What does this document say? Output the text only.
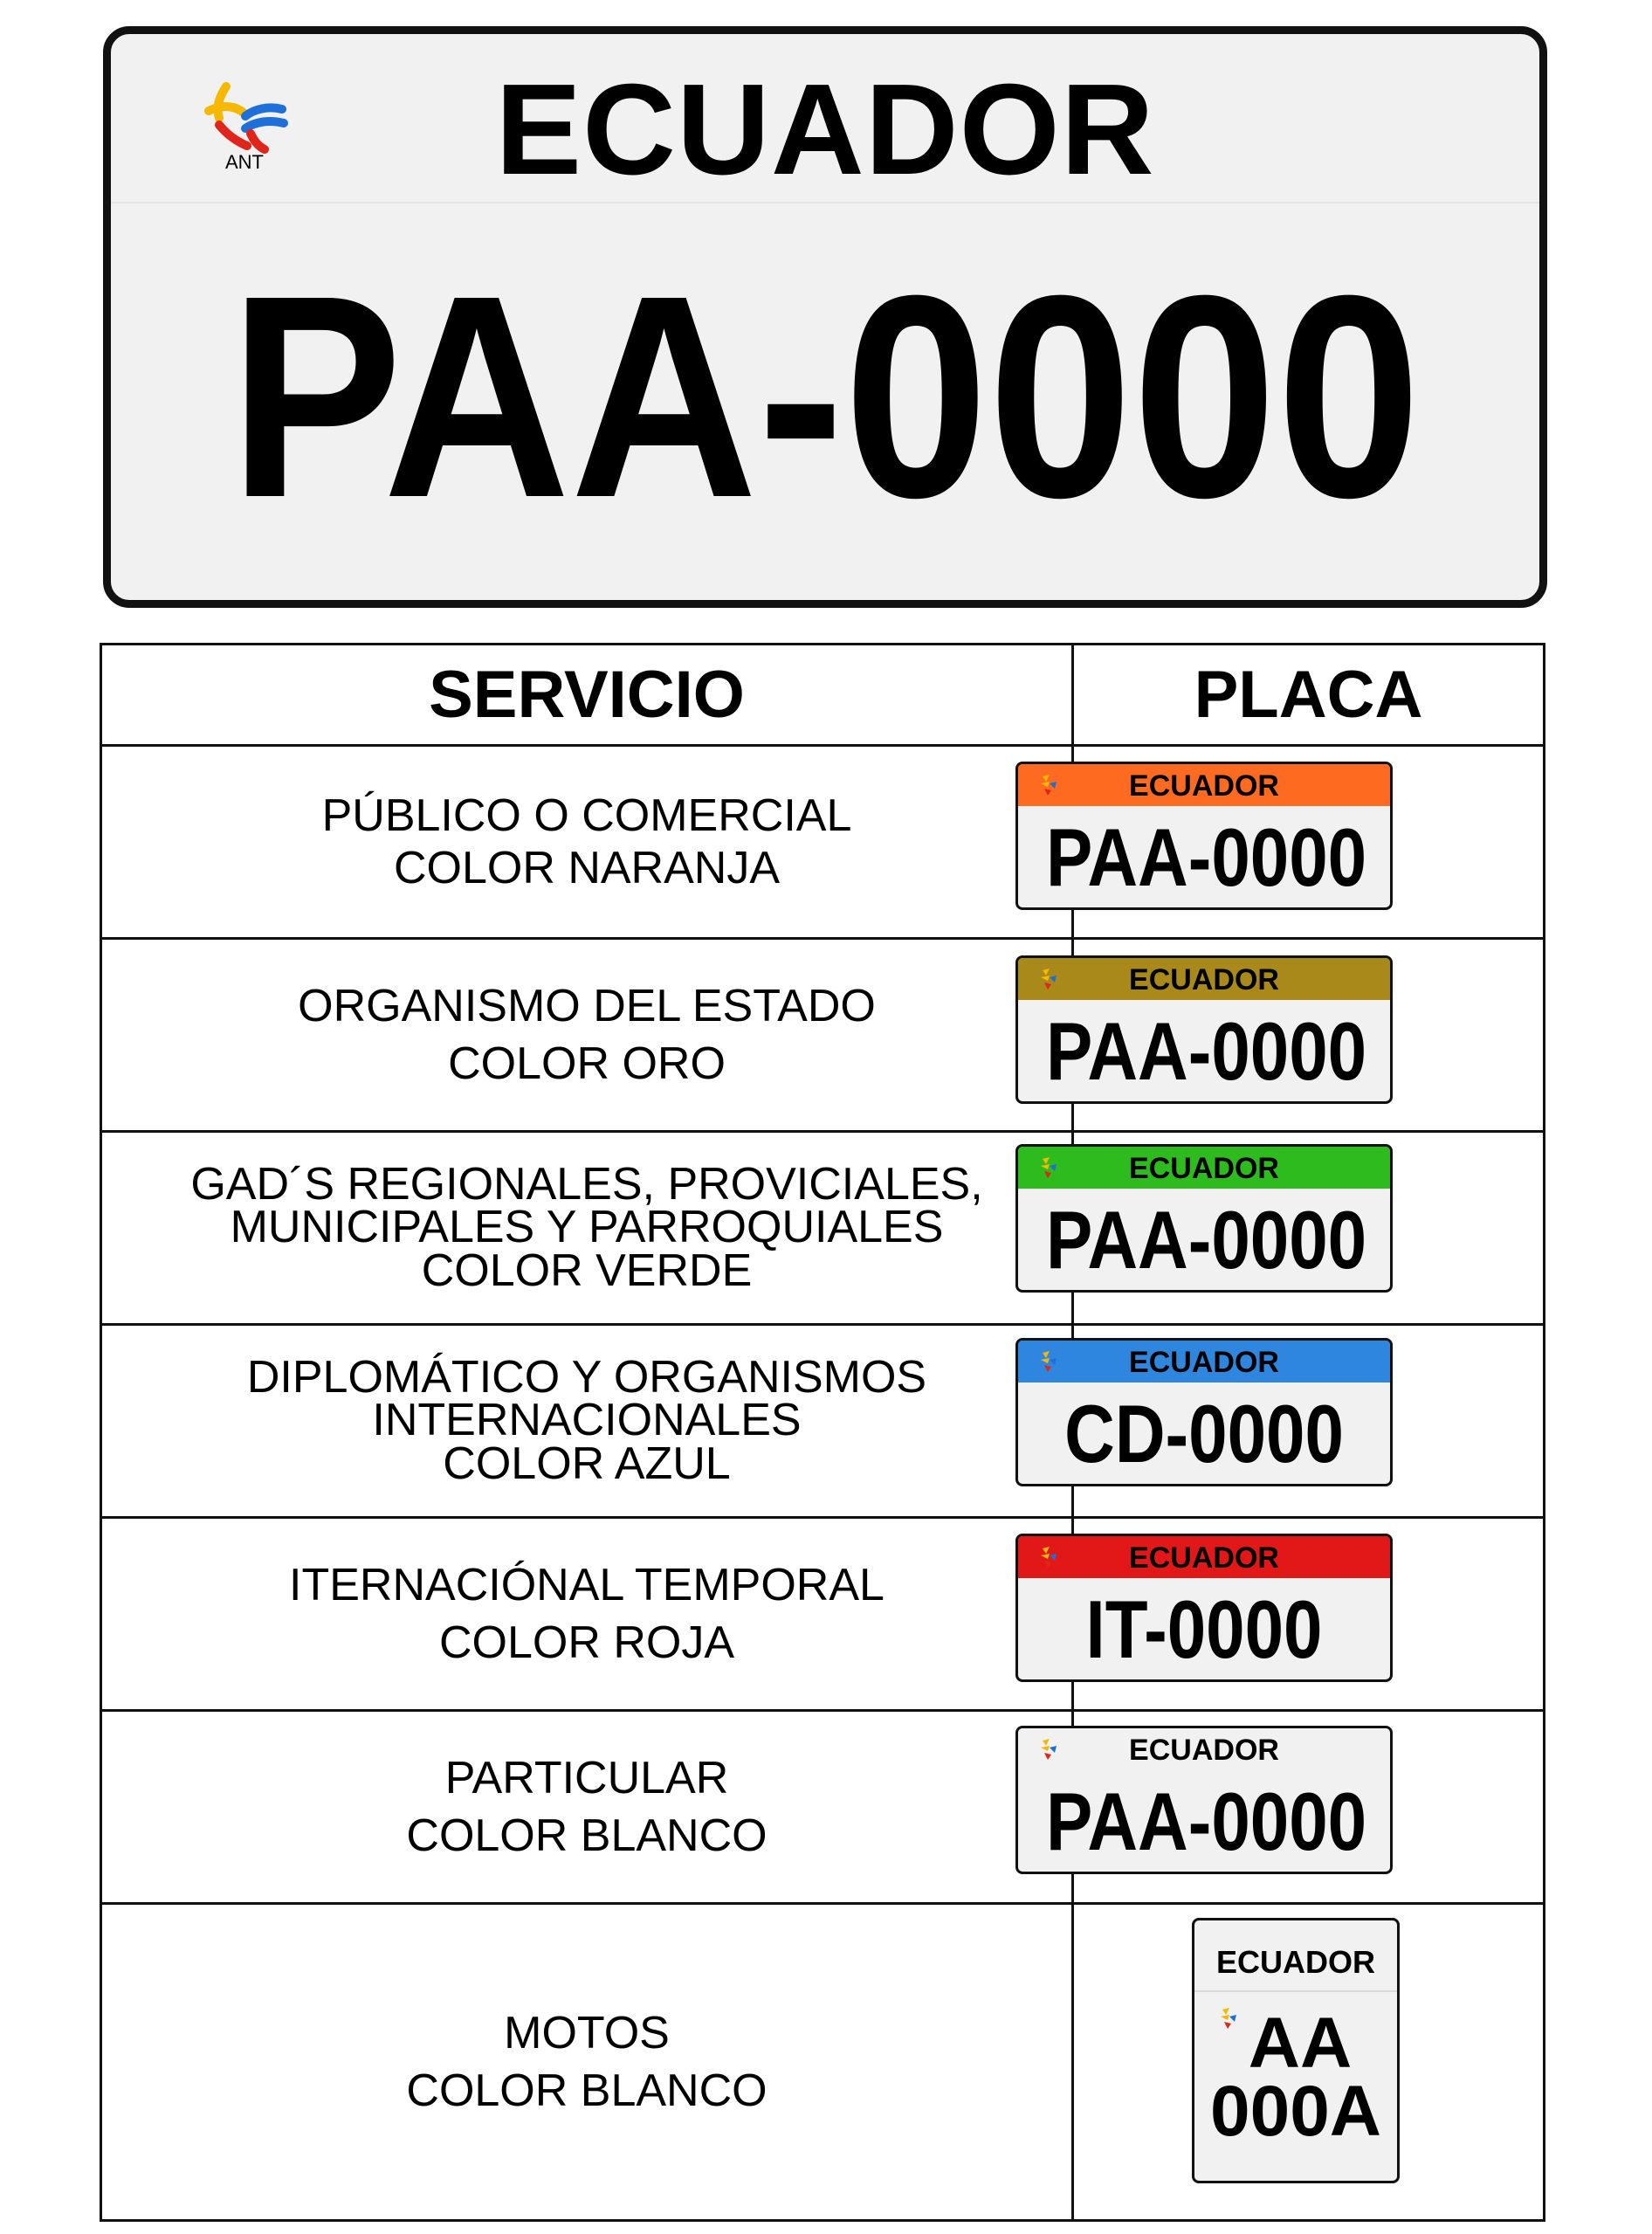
ANT	ECUADOR
PAA-0000
SERVICIO	PLACA
PÚBLICO O COMERCIAL
COLOR NARANJA
ORGANISMO DEL ESTADO
COLOR ORO
GAD´S REGIONALES, PROVICIALES,
MUNICIPALES Y PARROQUIALES
COLOR VERDE
DIPLOMÁTICO Y ORGANISMOS
INTERNACIONALES
COLOR AZUL
ITERNACIÓNAL TEMPORAL
COLOR ROJA
PARTICULAR
COLOR BLANCO
MOTOS
COLOR BLANCO
ECUADOR
PAA-0000
ECUADOR
PAA-0000
ECUADOR
PAA-0000
ECUADOR
CD-0000
ECUADOR
IT-0000
ECUADOR
PAA-0000
ECUADOR
AA
000A
